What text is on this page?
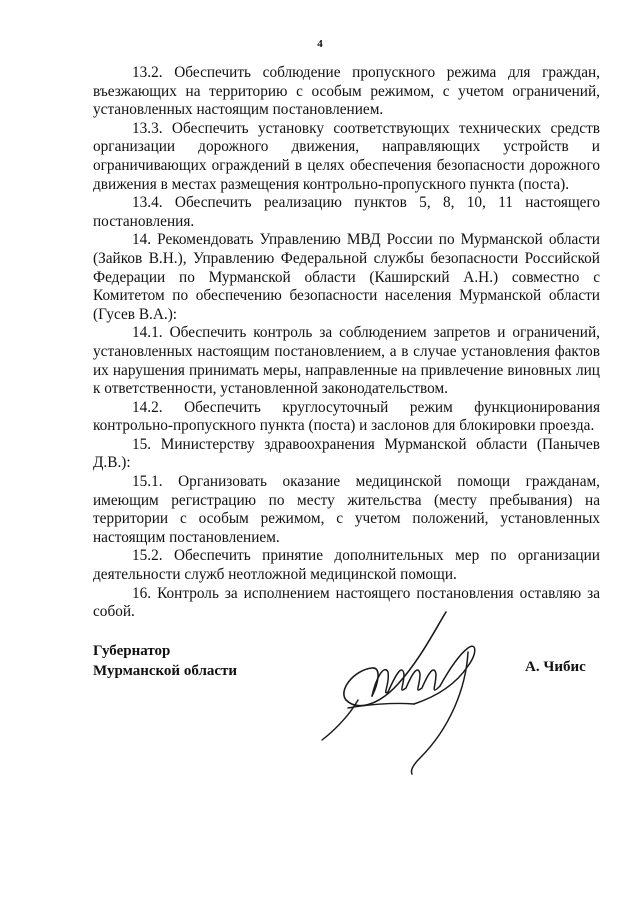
4

13.2. Обеспечить соблюдение пропускного режима для граждан, въезжающих на территорию с особым режимом, с учетом ограничений, установленных настоящим постановлением.

13.3. Обеспечить установку соответствующих технических средств организации дорожного движения, направляющих устройств и ограничивающих ограждений в целях обеспечения безопасности дорожного движения в местах размещения контрольно-пропускного пункта (поста).

13.4. Обеспечить реализацию пунктов 5, 8, 10, 11 настоящего постановления.

14. Рекомендовать Управлению МВД России по Мурманской области (Зайков В.Н.), Управлению Федеральной службы безопасности Российской Федерации по Мурманской области (Каширский А.Н.) совместно с Комитетом по обеспечению безопасности населения Мурманской области (Гусев В.А.):

14.1. Обеспечить контроль за соблюдением запретов и ограничений, установленных настоящим постановлением, а в случае установления фактов их нарушения принимать меры, направленные на привлечение виновных лиц к ответственности, установленной законодательством.

14.2. Обеспечить круглосуточный режим функционирования контрольно-пропускного пункта (поста) и заслонов для блокировки проезда.

15. Министерству здравоохранения Мурманской области (Панычев Д.В.):

15.1. Организовать оказание медицинской помощи гражданам, имеющим регистрацию по месту жительства (месту пребывания) на территории с особым режимом, с учетом положений, установленных настоящим постановлением.

15.2. Обеспечить принятие дополнительных мер по организации деятельности служб неотложной медицинской помощи.

16. Контроль за исполнением настоящего постановления оставляю за собой.

Губернатор
Мурманской области	А. Чибис
